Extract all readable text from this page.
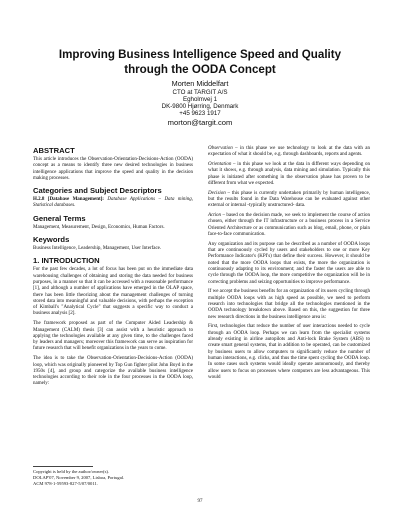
Improving Business Intelligence Speed and Quality
through the OODA Concept
Morten Middelfart
CTO at TARGIT A/S
Egholmvej 1
DK-9800 Hjørring, Denmark
+45 9623 1917
morton@targit.com
ABSTRACT

This article introduces the Observation-Orientation-Decisions-Action (OODA) concept as a means to identify three new desired technologies in business intelligence applications that improve the speed and quality in the decision making processes.

Categories and Subject Descriptors

H.2.8 [Database Management]: Database Applications – Data mining, Statistical databases.

General Terms

Management, Measurement, Design, Economics, Human Factors.

Keywords

Business Intelligence, Leadership, Management, User Interface.

1. INTRODUCTION

For the past few decades, a lot of focus has been put on the immediate data warehousing challenges of obtaining and storing the data needed for business purposes, in a manner so that it can be accessed with a reasonable performance [1], and although a number of applications have emerged in the OLAP space, there has been little theorizing about the management challenges of turning stored data into meaningful and valuable decisions, with perhaps the exception of Kimball's "Analytical Cycle" that suggests a specific way to conduct a business analysis [2].

The framework proposed as part of the Computer Aided Leadership & Management (CALM) thesis [3] can assist with a heuristic approach to applying the technologies available at any given time, to the challenges faced by leaders and managers; moreover this framework can serve as inspiration for future research that will benefit organizations in the years to come.

The idea is to take the Observation-Orientation-Decisions-Action (OODA) loop, which was originally pioneered by Top Gun fighter pilot John Boyd in the 1950s [4], and group and categorize the available business intelligence technologies according to their role in the four processes in the OODA loop, namely:

Observation – in this phase we use technology to look at the data with an expectation of what it should be, e.g. through dashboards, reports and agents.

Orientation – in this phase we look at the data in different ways depending on what it shows, e.g. through analysis, data mining and simulation. Typically this phase is initiated after something in the observation phase has proven to be different from what we expected.

Decision – this phase is currently undertaken primarily by human intelligence, but the results found in the Data Warehouse can be evaluated against other external or internal -typically unstructured- data.

Action – based on the decision made, we seek to implement the course of action chosen, either through the IT infrastructure or a business process in a Service Oriented Architecture or as communication such as blog, email, phone, or plain face-to-face communication.

Any organization and its purpose can be described as a number of OODA loops that are continuously cycled by users and stakeholders to one or more Key Performance Indicator's (KPI's) that define their success. However, it should be noted that the more OODA loops that exists, the more the organization is continuously adapting to its environment; and the faster the users are able to cycle through the OODA loop, the more competitive the organization will be in correcting problems and seizing opportunities to improve performance.

If we accept the business benefits for an organization of its users cycling through multiple OODA loops with as high speed as possible, we need to perform research into technologies that bridge all the technologies mentioned in the OODA technology breakdown above. Based on this, the suggestion for three new research directions in the business intelligence area is:

First, technologies that reduce the number of user interactions needed to cycle through an OODA loop. Perhaps we can learn from the specialist systems already existing in airline autopilots and Anti-lock Brake System (ABS) to create smart general systems, that in addition to be operated, can be customized by business users to allow computers to significantly reduce the number of human interactions, e.g. clicks, and thus the time spent cycling the OODA loop. In some cases such systems would ideally operate autonomously, and thereby allow users to focus on processes where computers are less advantageous. This would

Copyright is held by the author/owner(s).
DOLAP'07, November 9, 2007, Lisboa, Portugal.
ACM 978-1-59593-827-5/07/0011.
97
